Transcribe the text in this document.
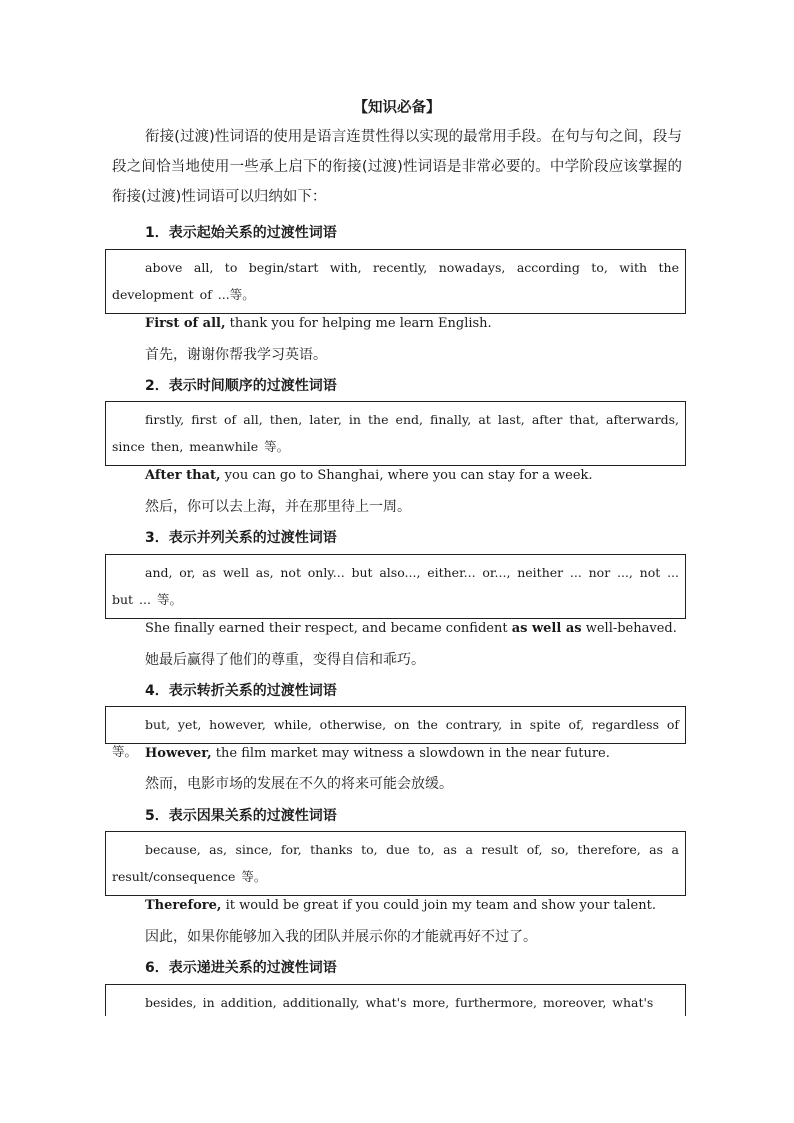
【知识必备】

衔接(过渡)性词语的使用是语言连贯性得以实现的最常用手段。在句与句之间，段与段之间恰当地使用一些承上启下的衔接(过渡)性词语是非常必要的。中学阶段应该掌握的衔接(过渡)性词语可以归纳如下：

1．表示起始关系的过渡性词语

above all, to begin/start with, recently, nowadays, according to, with the development of ...等。

First of all, thank you for helping me learn English.
首先，谢谢你帮我学习英语。
2．表示时间顺序的过渡性词语

firstly, first of all, then, later, in the end, finally, at last, after that, afterwards, since then, meanwhile 等。

After that, you can go to Shanghai, where you can stay for a week.
然后，你可以去上海，并在那里待上一周。
3．表示并列关系的过渡性词语

and, or, as well as, not only... but also..., either... or..., neither ... nor ..., not ... but ... 等。

She finally earned their respect, and became confident as well as well-behaved.
她最后赢得了他们的尊重，变得自信和乖巧。
4．表示转折关系的过渡性词语

but, yet, however, while, otherwise, on the contrary, in spite of, regardless of 等。 However, the film market may witness a slowdown in the near future.
然而，电影市场的发展在不久的将来可能会放缓。
5．表示因果关系的过渡性词语

because, as, since, for, thanks to, due to, as a result of, so, therefore, as a result/consequence 等。

Therefore, it would be great if you could join my team and show your talent.
因此，如果你能够加入我的团队并展示你的才能就再好不过了。
6．表示递进关系的过渡性词语

besides, in addition, additionally, what's more, furthermore, moreover, what's
